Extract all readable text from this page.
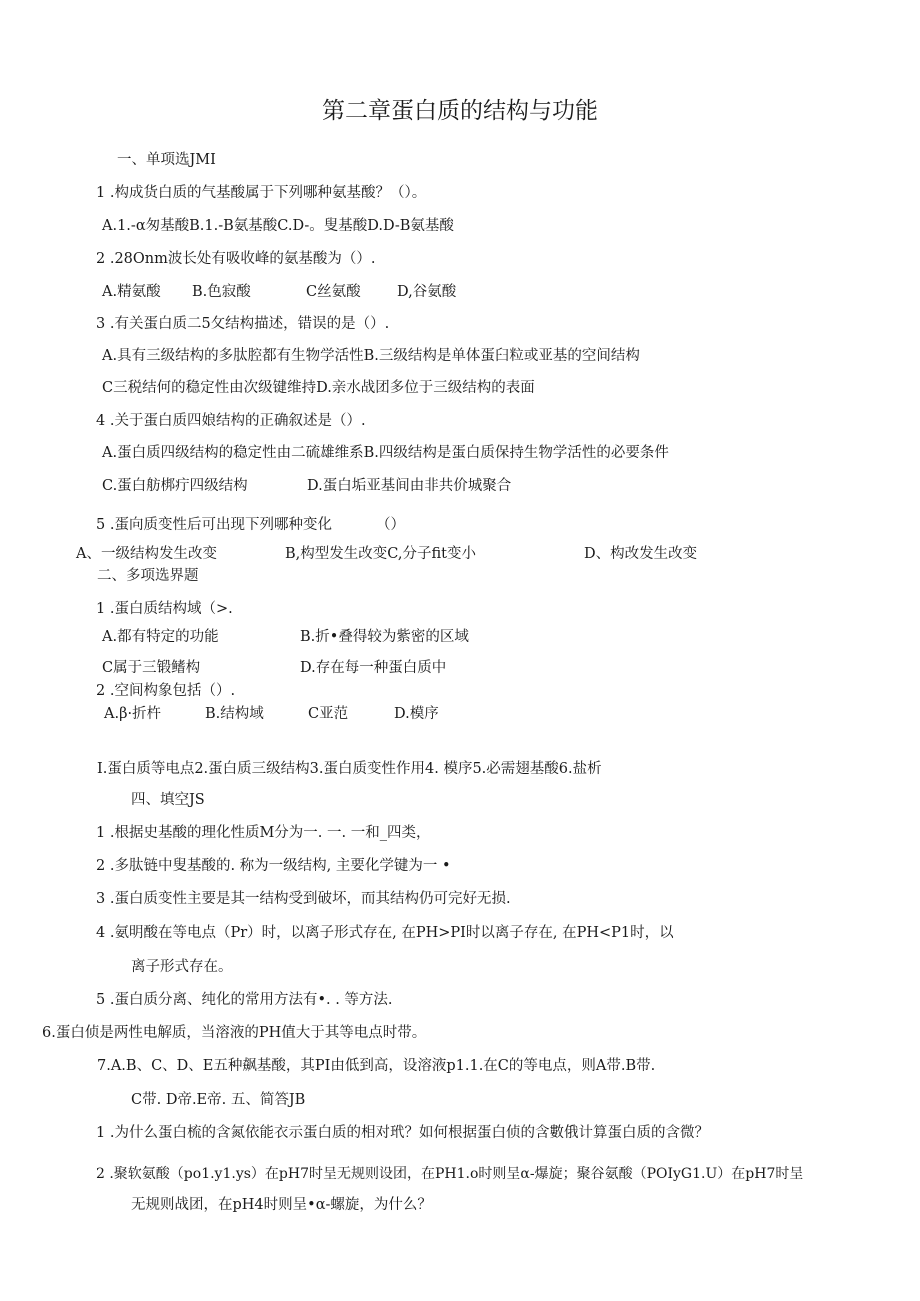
第二章蛋白质的结构与功能
一、单项选JMI
1 .构成货白质的气基酸属于下列哪种氨基酸？（）。
A.1.-α匆基酸B.1.-B氨基酸C.D-。叟基酸D.D-B氨基酸
2 .28Onm波长处有吸收峰的氨基酸为（）.
A.精氨酸 B.色寂酸	C丝氨酸	D,谷氨酸
3 .有关蛋白质二5攵结构描述，错误的是（）.
A.具有三级结构的多肽腔都有生物学活性B.三级结构是单体蛋臼粒或亚基的空间结构
C三税结何的稳定性由次级键维持D.亲水战团多位于三级结构的表面
4 .关于蛋白质四娘结构的正确叙述是（）.
A.蛋白质四级结构的稳定性由二硫雄维系B.四级结构是蛋白质保持生物学活性的必要条件
C.蛋白舫梆疔四级结构	D.蛋白垢亚基间由非共价城聚合
5 .蛋向质变性后可出现下列哪种变化	（）
A、一级结构发生改变	B,构型发生改变C,分子fit变小	D、构改发生改变
二、多项选界题
1 .蛋白质结构域（>.
A.都有特定的功能	B.折•叠得较为紫密的区域
C属于三锻鳍构	D.存在每一种蛋白质中
2 .空间构象包括（）.
A.β·折杵	B.结构域	C亚范	D.模序
I.蛋白质等电点2.蛋白质三级结构3.蛋白质变性作用4. 模序5.必需翅基酸6.盐析
四、填空JS
1 .根据史基酸的理化性质M分为一. 一. 一和_四类，
2 .多肽链中叟基酸的. 称为一级结构, 主要化学键为一 •
3 .蛋白质变性主要是其一结构受到破坏，而其结构仍可完好无损.
4 .氨明酸在等电点（Pr）时，以离子形式存在, 在PH>PI时以离子存在, 在PH<P1时，以
离子形式存在。
5 .蛋白质分离、纯化的常用方法有•. . 等方法.
6.蛋白侦是两性电解质，当溶液的PH值大于其等电点时带。
7.A.B、C、D、E五种飙基酸，其PI由低到高，设溶液p1.1.在C的等电点，则A带.B带.
C带. D帝.E帝. 五、简答JB
1 .为什么蛋白梳的含氮依能衣示蛋白质的相对玳？如何根据蛋白侦的含數俄计算蛋白质的含微？
2 .聚软氨酸（po1.y1.ys）在pH7时呈无规则设团，在PH1.o时则呈α-爆旋；聚谷氨酸（POIyG1.U）在pH7时呈
无规则战团，在pH4时则呈•α-螺旋，为什么？
